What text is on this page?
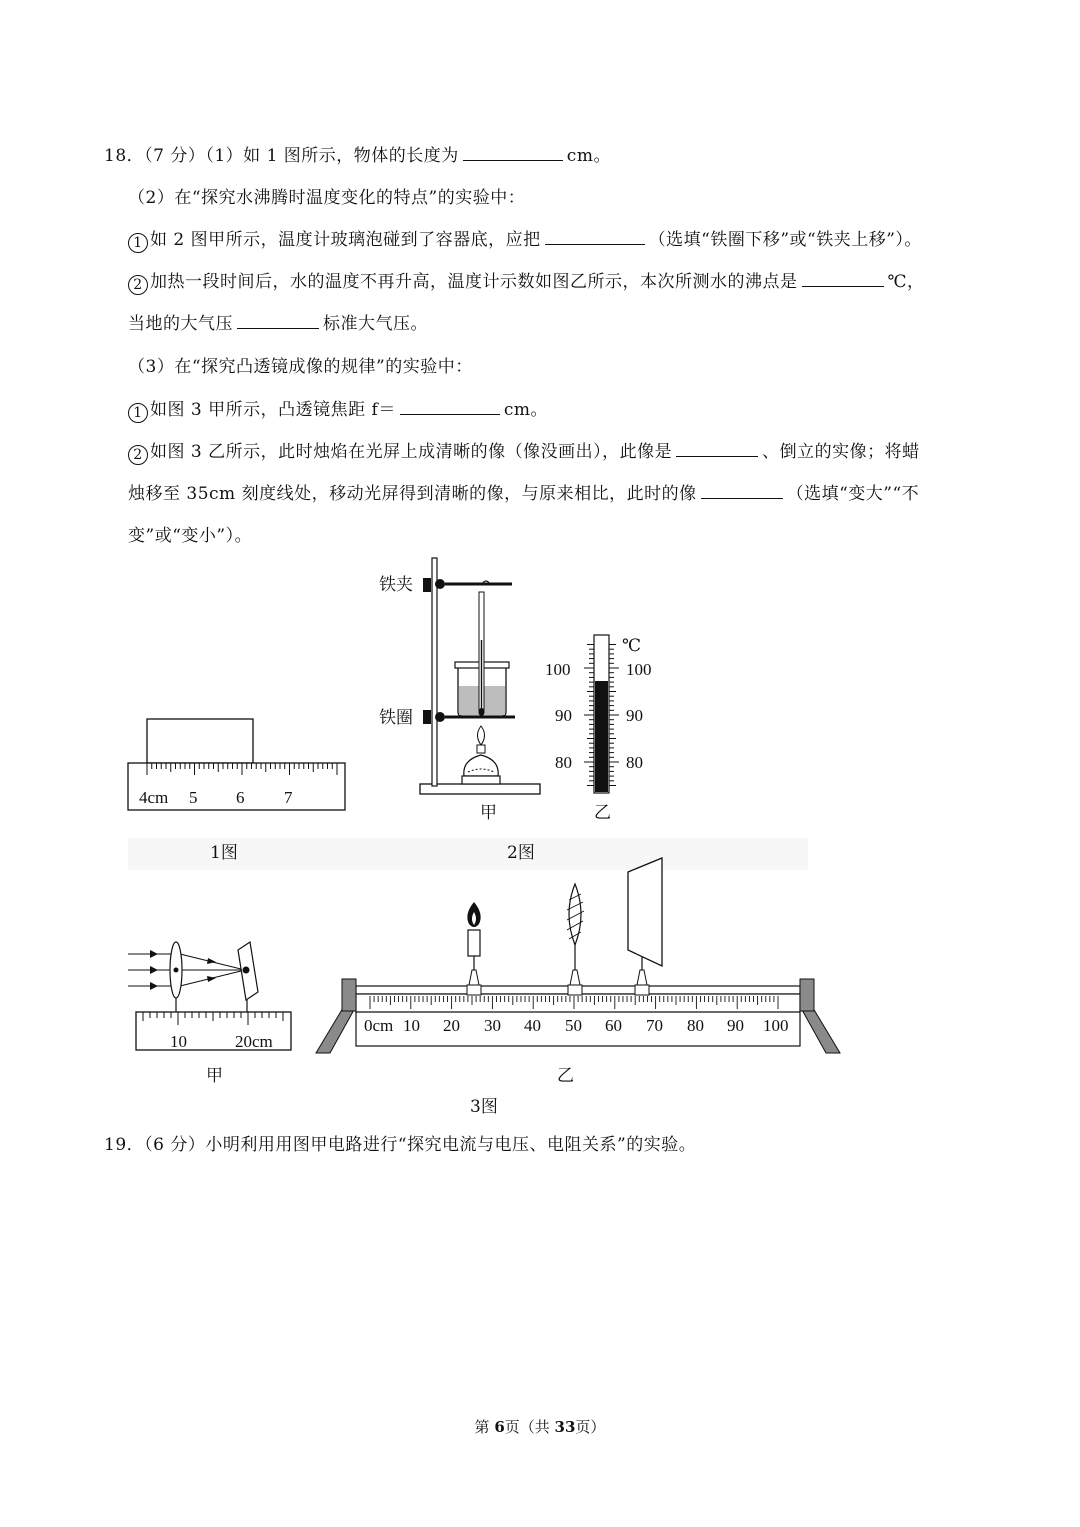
18．（7 分）（1）如 1 图所示，物体的长度为	cm。
（2）在“探究水沸腾时温度变化的特点”的实验中：
1 如 2 图甲所示，温度计玻璃泡碰到了容器底，应把	（选填“铁圈下移”或“铁夹上移”）。
2 加热一段时间后，水的温度不再升高，温度计示数如图乙所示，本次所测水的沸点是	℃，
当地的大气压	标准大气压。
（3）在“探究凸透镜成像的规律”的实验中：
1 如图 3 甲所示，凸透镜焦距 f＝	cm。
2 如图 3 乙所示，此时烛焰在光屏上成清晰的像（像没画出），此像是	、倒立的实像；将蜡
烛移至 35cm 刻度线处，移动光屏得到清晰的像，与原来相比，此时的像	（选填“变大”“不
变”或“变小”）。
4cm 5 6 7
1图	2图
铁夹
铁圈
甲
℃
100	100
90	90
80	80
乙
10	20cm
甲
0cm 10 20 30 40 50 60 70 80 90 100
乙
3图
19．（6 分）小明利用用图甲电路进行“探究电流与电压、电阻关系”的实验。
第 6页（共 33页）
